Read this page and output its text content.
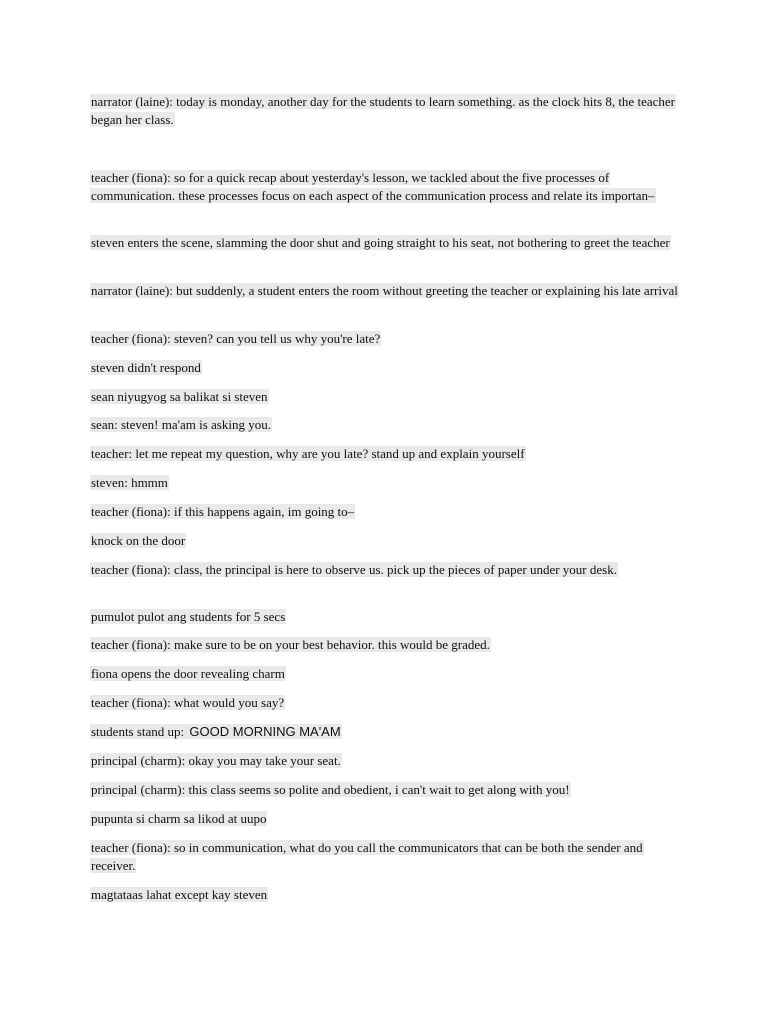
narrator (laine): today is monday, another day for the students to learn something. as the clock hits 8, the teacher began her class.
teacher (fiona): so for a quick recap about yesterday's lesson, we tackled about the five processes of communication. these processes focus on each aspect of the communication process and relate its importan–
steven enters the scene, slamming the door shut and going straight to his seat, not bothering to greet the teacher
narrator (laine): but suddenly, a student enters the room without greeting the teacher or explaining his late arrival
teacher (fiona): steven? can you tell us why you're late?
steven didn't respond
sean niyugyog sa balikat si steven
sean: steven! ma'am is asking you.
teacher: let me repeat my question, why are you late? stand up and explain yourself
steven: hmmm
teacher (fiona): if this happens again, im going to–
knock on the door
teacher (fiona): class, the principal is here to observe us. pick up the pieces of paper under your desk.
pumulot pulot ang students for 5 secs
teacher (fiona): make sure to be on your best behavior. this would be graded.
fiona opens the door revealing charm
teacher (fiona): what would you say?
students stand up: GOOD MORNING MA'AM
principal (charm): okay you may take your seat.
principal (charm): this class seems so polite and obedient, i can't wait to get along with you!
pupunta si charm sa likod at uupo
teacher (fiona): so in communication, what do you call the communicators that can be both the sender and receiver.
magtataas lahat except kay steven
